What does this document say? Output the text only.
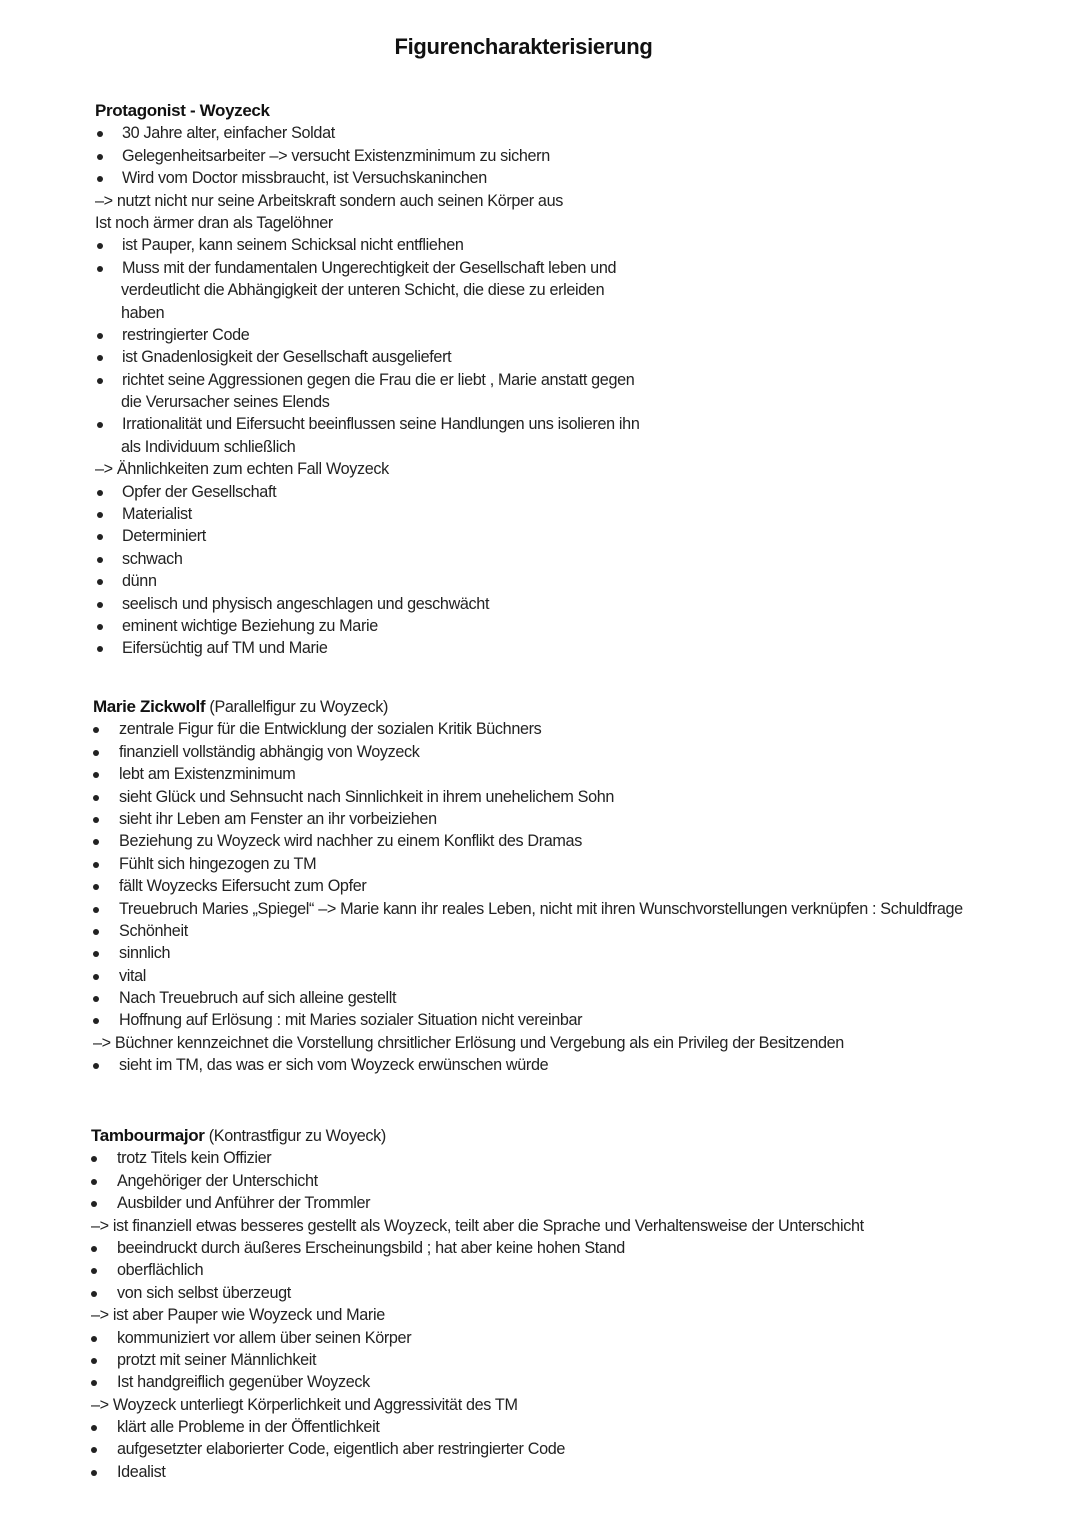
Figurencharakterisierung
Protagonist - Woyzeck
30 Jahre alter, einfacher Soldat
Gelegenheitsarbeiter –> versucht Existenzminimum zu sichern
Wird vom Doctor missbraucht, ist Versuchskaninchen
–> nutzt nicht nur seine Arbeitskraft sondern auch seinen Körper aus
Ist noch ärmer dran als Tagelöhner
ist Pauper, kann seinem Schicksal nicht entfliehen
Muss mit der fundamentalen Ungerechtigkeit der Gesellschaft leben und
verdeutlicht die Abhängigkeit der unteren Schicht, die diese zu erleiden
haben
restringierter Code
ist Gnadenlosigkeit der Gesellschaft ausgeliefert
richtet seine Aggressionen gegen die Frau die er liebt , Marie anstatt gegen
die Verursacher seines Elends
Irrationalität und Eifersucht beeinflussen seine Handlungen uns isolieren ihn
als Individuum schließlich
–> Ähnlichkeiten zum echten Fall Woyzeck
Opfer der Gesellschaft
Materialist
Determiniert
schwach
dünn
seelisch und physisch angeschlagen und geschwächt
eminent wichtige Beziehung zu Marie
Eifersüchtig auf TM und Marie
Marie Zickwolf (Parallelfigur zu Woyzeck)
zentrale Figur für die Entwicklung der sozialen Kritik Büchners
finanziell vollständig abhängig von Woyzeck
lebt am Existenzminimum
sieht Glück und Sehnsucht nach Sinnlichkeit in ihrem unehelichem Sohn
sieht ihr Leben am Fenster an ihr vorbeiziehen
Beziehung zu Woyzeck wird nachher zu einem Konflikt des Dramas
Fühlt sich hingezogen zu TM
fällt Woyzecks Eifersucht zum Opfer
Treuebruch Maries „Spiegel“ –> Marie kann ihr reales Leben, nicht mit ihren Wunschvorstellungen verknüpfen : Schuldfrage
Schönheit
sinnlich
vital
Nach Treuebruch auf sich alleine gestellt
Hoffnung auf Erlösung : mit Maries sozialer Situation nicht vereinbar
–> Büchner kennzeichnet die Vorstellung chrsitlicher Erlösung und Vergebung als ein Privileg der Besitzenden
sieht im TM, das was er sich vom Woyzeck erwünschen würde
Tambourmajor (Kontrastfigur zu Woyeck)
trotz Titels kein Offizier
Angehöriger der Unterschicht
Ausbilder und Anführer der Trommler
–> ist finanziell etwas besseres gestellt als Woyzeck, teilt aber die Sprache und Verhaltensweise der Unterschicht
beeindruckt durch äußeres Erscheinungsbild ; hat aber keine hohen Stand
oberflächlich
von sich selbst überzeugt
–> ist aber Pauper wie Woyzeck und Marie
kommuniziert vor allem über seinen Körper
protzt mit seiner Männlichkeit
Ist handgreiflich gegenüber Woyzeck
–> Woyzeck unterliegt Körperlichkeit und Aggressivität des TM
klärt alle Probleme in der Öffentlichkeit
aufgesetzter elaborierter Code, eigentlich aber restringierter Code
Idealist
